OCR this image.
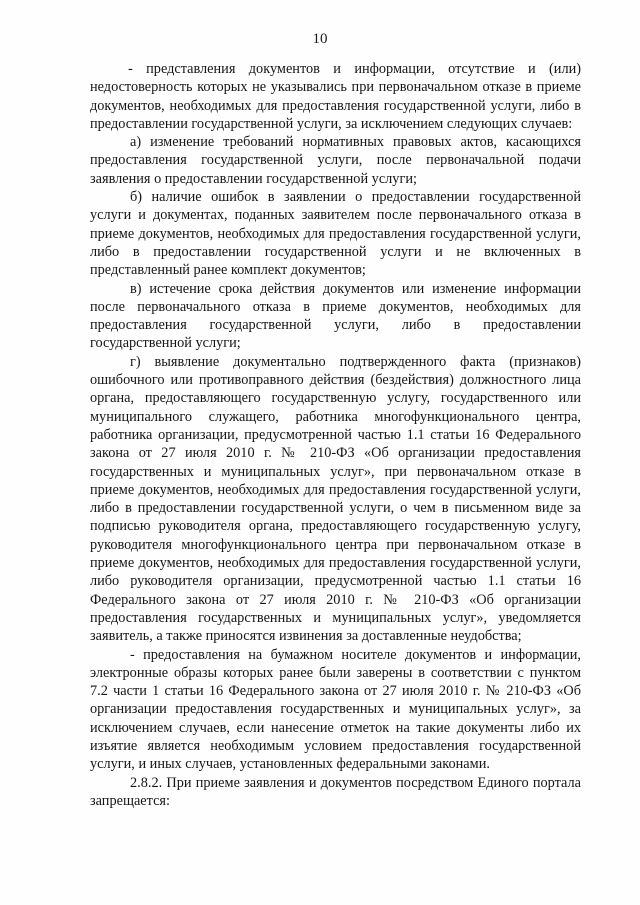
10

- представления документов и информации, отсутствие и (или) недостоверность которых не указывались при первоначальном отказе в приеме документов, необходимых для предоставления государственной услуги, либо в предоставлении государственной услуги, за исключением следующих случаев:

а) изменение требований нормативных правовых актов, касающихся предоставления государственной услуги, после первоначальной подачи заявления о предоставлении государственной услуги;

б) наличие ошибок в заявлении о предоставлении государственной услуги и документах, поданных заявителем после первоначального отказа в приеме документов, необходимых для предоставления государственной услуги, либо в предоставлении государственной услуги и не включенных в представленный ранее комплект документов;

в) истечение срока действия документов или изменение информации после первоначального отказа в приеме документов, необходимых для предоставления государственной услуги, либо в предоставлении государственной услуги;

г) выявление документально подтвержденного факта (признаков) ошибочного или противоправного действия (бездействия) должностного лица органа, предоставляющего государственную услугу, государственного или муниципального служащего, работника многофункционального центра, работника организации, предусмотренной частью 1.1 статьи 16 Федерального закона от 27 июля 2010 г. № 210-ФЗ «Об организации предоставления государственных и муниципальных услуг», при первоначальном отказе в приеме документов, необходимых для предоставления государственной услуги, либо в предоставлении государственной услуги, о чем в письменном виде за подписью руководителя органа, предоставляющего государственную услугу, руководителя многофункционального центра при первоначальном отказе в приеме документов, необходимых для предоставления государственной услуги, либо руководителя организации, предусмотренной частью 1.1 статьи 16 Федерального закона от 27 июля 2010 г. № 210-ФЗ «Об организации предоставления государственных и муниципальных услуг», уведомляется заявитель, а также приносятся извинения за доставленные неудобства;

- предоставления на бумажном носителе документов и информации, электронные образы которых ранее были заверены в соответствии с пунктом 7.2 части 1 статьи 16 Федерального закона от 27 июля 2010 г. № 210-ФЗ «Об организации предоставления государственных и муниципальных услуг», за исключением случаев, если нанесение отметок на такие документы либо их изъятие является необходимым условием предоставления государственной услуги, и иных случаев, установленных федеральными законами.

2.8.2. При приеме заявления и документов посредством Единого портала запрещается:
